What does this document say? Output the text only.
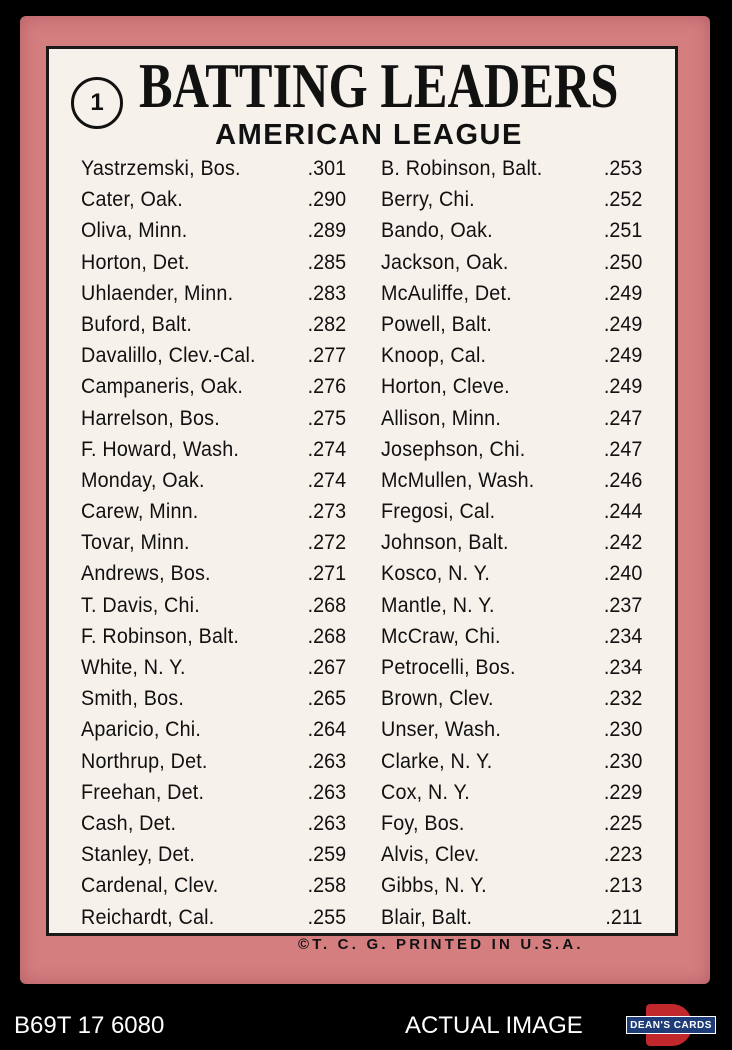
1 BATTING LEADERS
AMERICAN LEAGUE
Yastrzemski, Bos.	.301
Cater, Oak.	.290
Oliva, Minn.	.289
Horton, Det.	.285
Uhlaender, Minn.	.283
Buford, Balt.	.282
Davalillo, Clev.-Cal. .277
Campaneris, Oak.	.276
Harrelson, Bos.	.275
F. Howard, Wash.	.274
Monday, Oak.	.274
Carew, Minn.	.273
Tovar, Minn.	.272
Andrews, Bos.	.271
T. Davis, Chi.	.268
F. Robinson, Balt.	.268
White, N. Y.	.267
Smith, Bos.	.265
Aparicio, Chi.	.264
Northrup, Det.	.263
Freehan, Det.	.263
Cash, Det.	.263
Stanley, Det.	.259
Cardenal, Clev.	.258
Reichardt, Cal.	.255
B. Robinson, Balt.	.253
Berry, Chi.	.252
Bando, Oak.	.251
Jackson, Oak.	.250
McAuliffe, Det.	.249
Powell, Balt.	.249
Knoop, Cal.	.249
Horton, Cleve.	.249
Allison, Minn.	.247
Josephson, Chi.	.247
McMullen, Wash.	.246
Fregosi, Cal.	.244
Johnson, Balt.	.242
Kosco, N. Y.	.240
Mantle, N. Y.	.237
McCraw, Chi.	.234
Petrocelli, Bos.	.234
Brown, Clev.	.232
Unser, Wash.	.230
Clarke, N. Y.	.230
Cox, N. Y.	.229
Foy, Bos.	.225
Alvis, Clev.	.223
Gibbs, N. Y.	.213
Blair, Balt.	.211
©T. C. G. PRINTED IN U.S.A.
B69T 17 6080	ACTUAL IMAGE	DEAN'S CARDS
